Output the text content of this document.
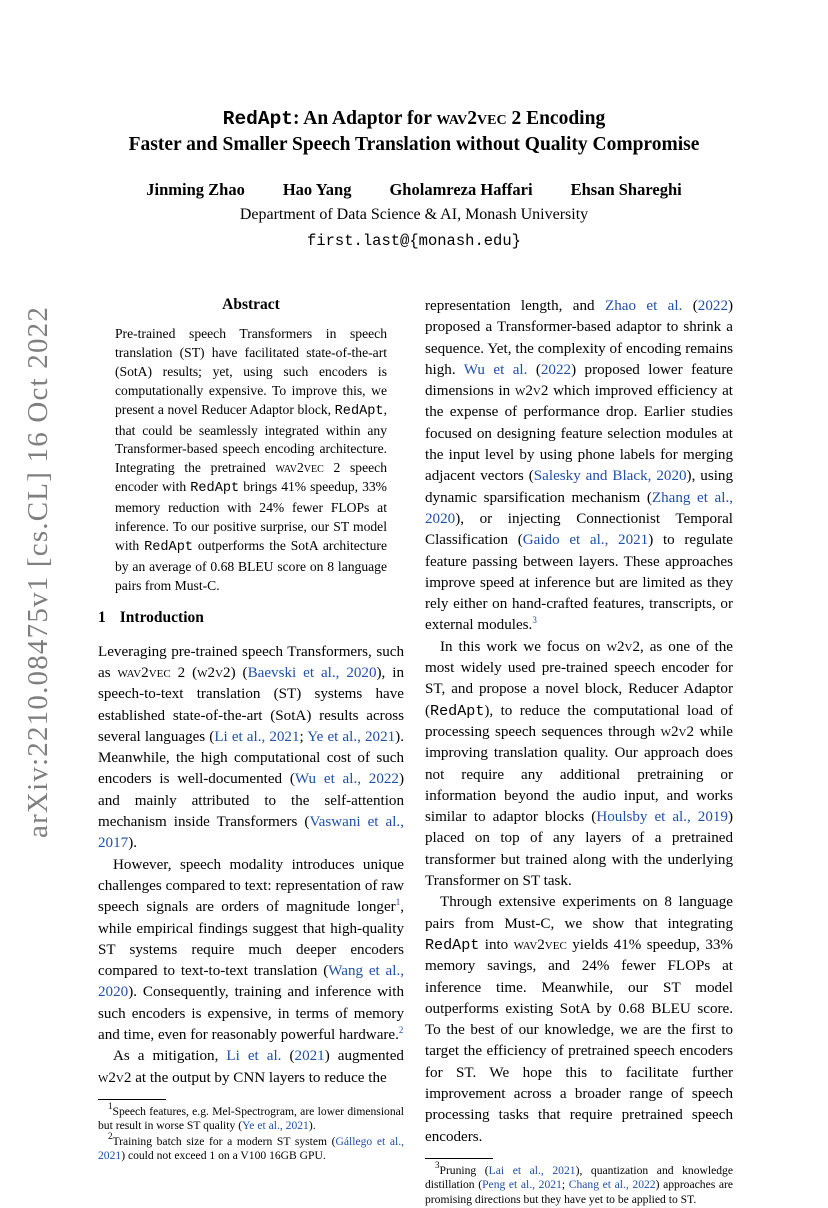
arXiv:2210.08475v1 [cs.CL] 16 Oct 2022
RedApt: An Adaptor for wav2vec 2 Encoding
Faster and Smaller Speech Translation without Quality Compromise
Jinming Zhao Hao Yang Gholamreza Haffari Ehsan Shareghi
Department of Data Science & AI, Monash University
first.last@{monash.edu}
Abstract

Pre-trained speech Transformers in speech translation (ST) have facilitated state-of-the-art (SotA) results; yet, using such encoders is computationally expensive. To improve this, we present a novel Reducer Adaptor block, RedApt, that could be seamlessly integrated within any Transformer-based speech encoding architecture. Integrating the pretrained wav2vec 2 speech encoder with RedApt brings 41% speedup, 33% memory reduction with 24% fewer FLOPs at inference. To our positive surprise, our ST model with RedApt outperforms the SotA architecture by an average of 0.68 BLEU score on 8 language pairs from Must-C.

1 Introduction

Leveraging pre-trained speech Transformers, such as wav2vec 2 (w2v2) (Baevski et al., 2020), in speech-to-text translation (ST) systems have established state-of-the-art (SotA) results across several languages (Li et al., 2021; Ye et al., 2021). Meanwhile, the high computational cost of such encoders is well-documented (Wu et al., 2022) and mainly attributed to the self-attention mechanism inside Transformers (Vaswani et al., 2017).

However, speech modality introduces unique challenges compared to text: representation of raw speech signals are orders of magnitude longer$^1$, while empirical findings suggest that high-quality ST systems require much deeper encoders compared to text-to-text translation (Wang et al., 2020). Consequently, training and inference with such encoders is expensive, in terms of memory and time, even for reasonably powerful hardware.$^2$

As a mitigation, Li et al. (2021) augmented w2v2 at the output by CNN layers to reduce the

$^1$Speech features, e.g. Mel-Spectrogram, are lower dimensional but result in worse ST quality (Ye et al., 2021).

$^2$Training batch size for a modern ST system (Gállego et al., 2021) could not exceed 1 on a V100 16GB GPU.

representation length, and Zhao et al. (2022) proposed a Transformer-based adaptor to shrink a sequence. Yet, the complexity of encoding remains high. Wu et al. (2022) proposed lower feature dimensions in w2v2 which improved efficiency at the expense of performance drop. Earlier studies focused on designing feature selection modules at the input level by using phone labels for merging adjacent vectors (Salesky and Black, 2020), using dynamic sparsification mechanism (Zhang et al., 2020), or injecting Connectionist Temporal Classification (Gaido et al., 2021) to regulate feature passing between layers. These approaches improve speed at inference but are limited as they rely either on hand-crafted features, transcripts, or external modules.$^3$

In this work we focus on w2v2, as one of the most widely used pre-trained speech encoder for ST, and propose a novel block, Reducer Adaptor (RedApt), to reduce the computational load of processing speech sequences through w2v2 while improving translation quality. Our approach does not require any additional pretraining or information beyond the audio input, and works similar to adaptor blocks (Houlsby et al., 2019) placed on top of any layers of a pretrained transformer but trained along with the underlying Transformer on ST task.

Through extensive experiments on 8 language pairs from Must-C, we show that integrating RedApt into wav2vec yields 41% speedup, 33% memory savings, and 24% fewer FLOPs at inference time. Meanwhile, our ST model outperforms existing SotA by 0.68 BLEU score. To the best of our knowledge, we are the first to target the efficiency of pretrained speech encoders for ST. We hope this to facilitate further improvement across a broader range of speech processing tasks that require pretrained speech encoders.

$^3$Pruning (Lai et al., 2021), quantization and knowledge distillation (Peng et al., 2021; Chang et al., 2022) approaches are promising directions but they have yet to be applied to ST.
